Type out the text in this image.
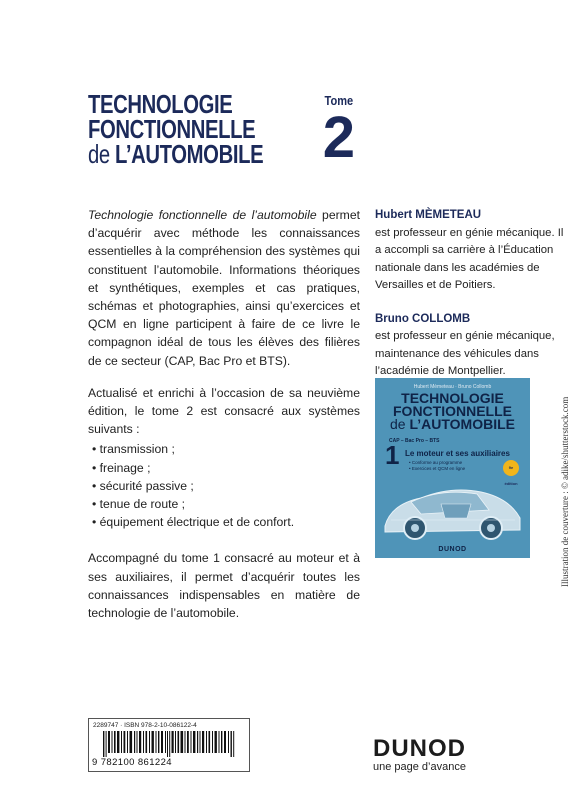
TECHNOLOGIE
FONCTIONNELLE
de L’AUTOMOBILE
Tome
2

Technologie fonctionnelle de l’automobile permet d’acquérir avec méthode les connaissances essentielles à la compréhension des systèmes qui constituent l’automobile. Informations théoriques et synthétiques, exemples et cas pratiques, schémas et photographies, ainsi qu’exercices et QCM en ligne participent à faire de ce livre le compagnon idéal de tous les élèves des filières de ce secteur (CAP, Bac Pro et BTS).

Actualisé et enrichi à l’occasion de sa neuvième édition, le tome 2 est consacré aux systèmes suivants :

• transmission ;
• freinage ;
• sécurité passive ;
• tenue de route ;
• équipement électrique et de confort.

Accompagné du tome 1 consacré au moteur et à ses auxiliaires, il permet d’acquérir toutes les connaissances indispensables en matière de technologie de l’automobile.

Hubert MÈMETEAU

est professeur en génie mécanique. Il a accompli sa carrière à l’Éducation nationale dans les académies de Versailles et de Poitiers.

Bruno COLLOMB

est professeur en génie mécanique, maintenance des véhicules dans l’académie de Montpellier.

Hubert Mèmeteau · Bruno Collomb
TECHNOLOGIE
FONCTIONNELLE
de L’AUTOMOBILE
CAP – Bac Pro – BTS
1 Le moteur et ses auxiliaires
• Conforme au programme
• Exercices et QCM en ligne	9e édition
DUNOD	Illustration de couverture : © adike/shutterstock.com
2289747 · ISBN 978-2-10-086122-4
9 782100 861224
DUNOD
une page d’avance
